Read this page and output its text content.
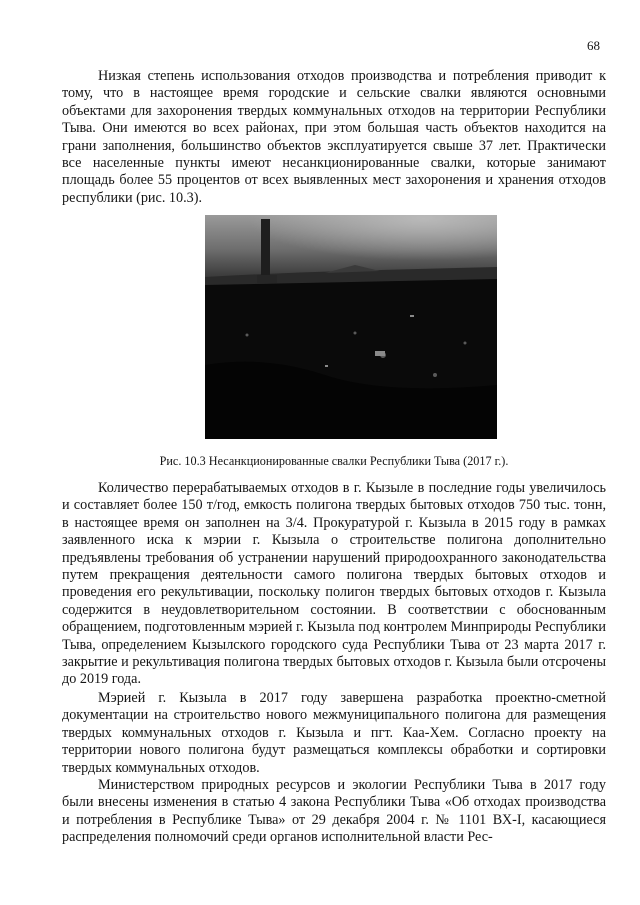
68

Низкая степень использования отходов производства и потребления приводит к тому, что в настоящее время городские и сельские свалки являются основными объектами для захоронения твердых коммунальных отходов на территории Республики Тыва. Они имеются во всех районах, при этом большая часть объектов находится на грани заполнения, большинство объектов эксплуатируется свыше 37 лет. Практически все населенные пункты имеют несанкционированные свалки, которые занимают площадь более 55 процентов от всех выявленных мест захоронения и хранения отходов республики (рис. 10.3).

Рис. 10.3 Несанкционированные свалки Республики Тыва (2017 г.).

Количество перерабатываемых отходов в г. Кызыле в последние годы увеличилось и составляет более 150 т/год, емкость полигона твердых бытовых отходов 750 тыс. тонн, в настоящее время он заполнен на 3/4. Прокуратурой г. Кызыла в 2015 году в рамках заявленного иска к мэрии г. Кызыла о строительстве полигона дополнительно предъявлены требования об устранении нарушений природоохранного законодательства путем прекращения деятельности самого полигона твердых бытовых отходов и проведения его рекультивации, поскольку полигон твердых бытовых отходов г. Кызыла содержится в неудовлетворительном состоянии. В соответствии с обоснованным обращением, подготовленным мэрией г. Кызыла под контролем Минприроды Республики Тыва, определением Кызылского городского суда Республики Тыва от 23 марта 2017 г. закрытие и рекультивация полигона твердых бытовых отходов г. Кызыла были отсрочены до 2019 года.

Мэрией г. Кызыла в 2017 году завершена разработка проектно-сметной документации на строительство нового межмуниципального полигона для размещения твердых коммунальных отходов г. Кызыла и пгт. Каа-Хем. Согласно проекту на территории нового полигона будут размещаться комплексы обработки и сортировки твердых коммунальных отходов.

Министерством природных ресурсов и экологии Республики Тыва в 2017 году были внесены изменения в статью 4 закона Республики Тыва «Об отходах производства и потребления в Республике Тыва» от 29 декабря 2004 г. № 1101 ВХ-I, касающиеся распределения полномочий среди органов исполнительной власти Рес-
